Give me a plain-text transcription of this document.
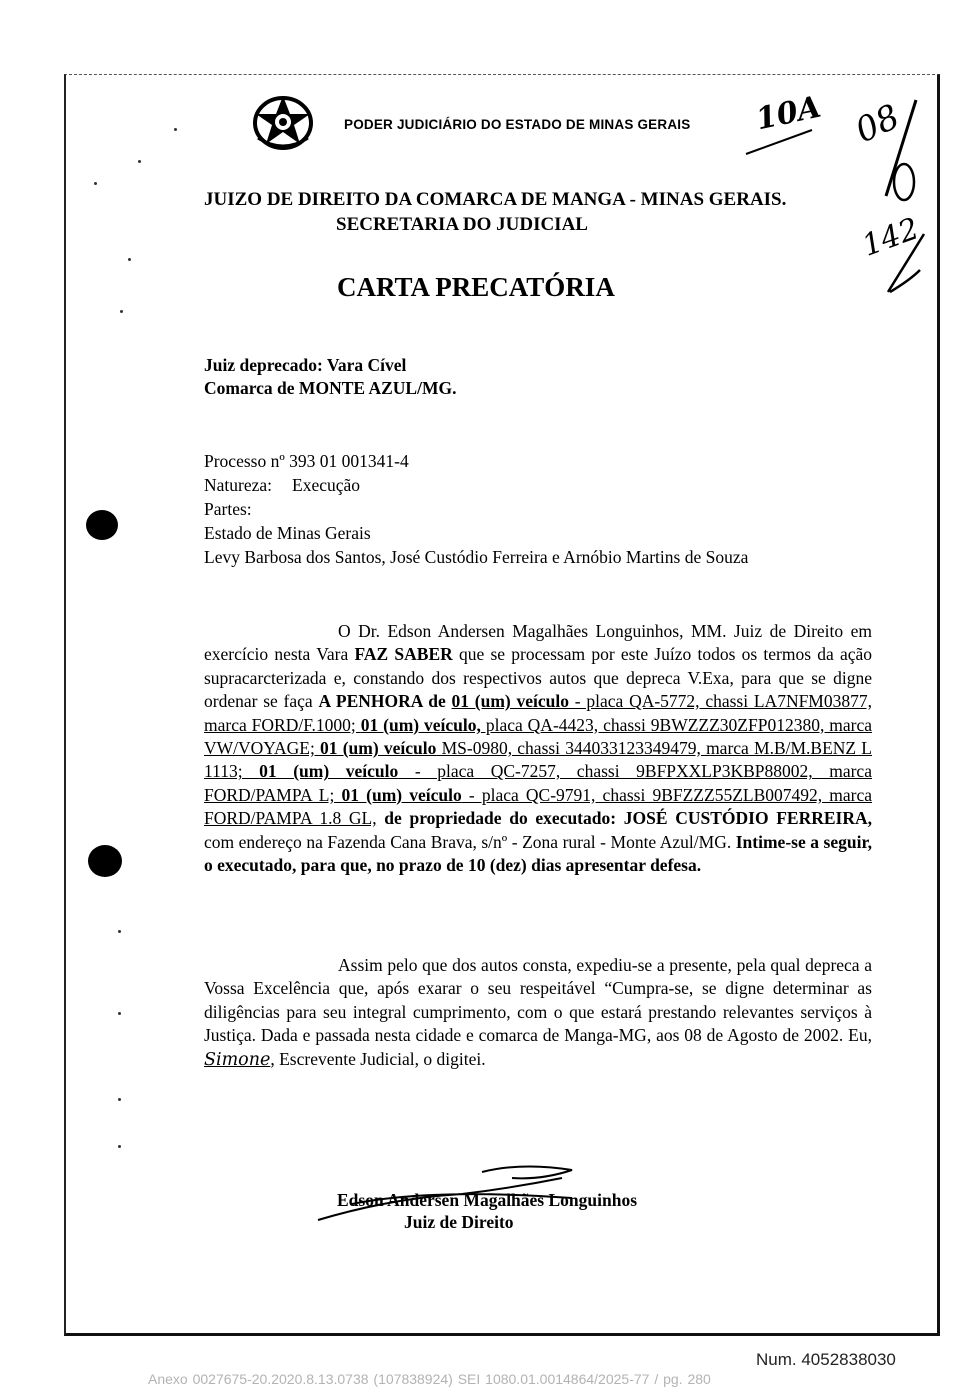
PODER JUDICIÁRIO DO ESTADO DE MINAS GERAIS 10A 08
142
JUIZO DE DIREITO DA COMARCA DE MANGA - MINAS GERAIS.
SECRETARIA DO JUDICIAL
CARTA PRECATÓRIA
Juiz deprecado: Vara Cível
Comarca de MONTE AZUL/MG.
Processo nº 393 01 001341-4
Natureza: Execução
Partes:
Estado de Minas Gerais
Levy Barbosa dos Santos, José Custódio Ferreira e Arnóbio Martins de Souza
O Dr. Edson Andersen Magalhães Longuinhos, MM. Juiz de Direito em exercício nesta Vara FAZ SABER que se processam por este Juízo todos os termos da ação supracarcterizada e, constando dos respectivos autos que depreca V.Exa, para que se digne ordenar se faça A PENHORA de 01 (um) veículo - placa QA-5772, chassi LA7NFM03877, marca FORD/F.1000; 01 (um) veículo, placa QA-4423, chassi 9BWZZZ30ZFP012380, marca VW/VOYAGE; 01 (um) veículo MS-0980, chassi 344033123349479, marca M.B/M.BENZ L 1113; 01 (um) veículo - placa QC-7257, chassi 9BFPXXLP3KBP88002, marca FORD/PAMPA L; 01 (um) veículo - placa QC-9791, chassi 9BFZZZ55ZLB007492, marca FORD/PAMPA 1.8 GL, de propriedade do executado: JOSÉ CUSTÓDIO FERREIRA, com endereço na Fazenda Cana Brava, s/nº - Zona rural - Monte Azul/MG. Intime-se a seguir, o executado, para que, no prazo de 10 (dez) dias apresentar defesa.
Assim pelo que dos autos consta, expediu-se a presente, pela qual depreca a Vossa Excelência que, após exarar o seu respeitável “Cumpra-se, se digne determinar as diligências para seu integral cumprimento, com o que estará prestando relevantes serviços à Justiça. Dada e passada nesta cidade e comarca de Manga-MG, aos 08 de Agosto de 2002. Eu, Simone, Escrevente Judicial, o digitei.
Edson Andersen Magalhães Longuinhos
Juiz de Direito
Num. 4052838030
Anexo 0027675-20.2020.8.13.0738 (107838924) SEI 1080.01.0014864/2025-77 / pg. 280
